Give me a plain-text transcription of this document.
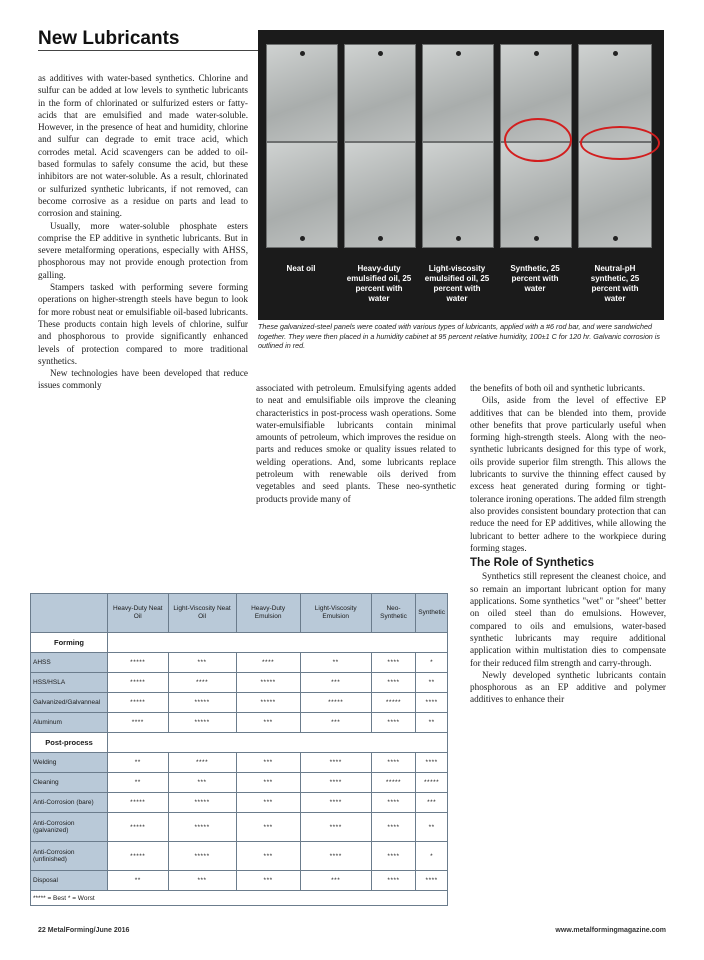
New Lubricants
Neat oil	Heavy-duty emulsified oil, 25 percent with water
Light-viscosity emulsified oil, 25 percent with water
Synthetic, 25 percent with water
Neutral-pH synthetic, 25 percent with water
These galvanized-steel panels were coated with various types of lubricants, applied with a #6 rod bar, and were sandwiched together. They were then placed in a humidity cabinet at 95 percent relative humidity, 100±1 C for 120 hr. Galvanic corrosion is outlined in red.

as additives with water-based synthetics. Chlorine and sulfur can be added at low levels to synthetic lubricants in the form of chlorinated or sulfurized esters or fatty-acids that are emulsified and made water-soluble. However, in the presence of heat and humidity, chlorine and sulfur can degrade to emit trace acid, which corrodes metal. Acid scavengers can be added to oil-based formulas to safely consume the acid, but these inhibitors are not water-soluble. As a result, chlorinated or sulfurized synthetic lubricants, if not removed, can become corrosive as a residue on parts and lead to corrosion and staining.

Usually, more water-soluble phosphate esters comprise the EP additive in synthetic lubricants. But in severe metalforming operations, especially with AHSS, phosphorous may not provide enough protection from galling.

Stampers tasked with performing severe forming operations on higher-strength steels have begun to look for more robust neat or emulsifiable oil-based lubricants. These products contain high levels of chlorine, sulfur and phosphorous to provide significantly enhanced levels of protection compared to more traditional synthetics.

New technologies have been developed that reduce issues commonly	associated with petroleum. Emulsifying agents added to neat and emulsifiable oils improve the cleaning characteristics in post-process wash operations. Some water-emulsifiable lubricants contain minimal amounts of petroleum, which improves the residue on parts and reduces smoke or quality issues related to welding operations. And, some lubricants replace petroleum with renewable oils derived from vegetables and seed plants. These neo-synthetic products provide many of

the benefits of both oil and synthetic lubricants.

Oils, aside from the level of effective EP additives that can be blended into them, provide other benefits that prove particularly useful when forming high-strength steels. Along with the neo-synthetic lubricants designed for this type of work, oils provide superior film strength. This allows the lubricants to survive the thinning effect caused by excess heat generated during forming or tight-tolerance ironing operations. The added film strength also provides consistent boundary protection that can reduce the need for EP additives, while allowing the lubricant to better adhere to the workpiece during forming stages.

The Role of Synthetics

Synthetics still represent the cleanest choice, and so remain an important lubricant option for many applications. Some synthetics "wet" or "sheet" better on oiled steel than do emulsions. However, compared to oils and emulsions, water-based synthetic lubricants may require additional application within multistation dies to compensate for their reduced film strength and carry-through.

Newly developed synthetic lubricants contain phosphorous as an EP additive and polymer additives to enhance their

	Heavy-Duty Neat Oil	Light-Viscosity Neat Oil	Heavy-Duty Emulsion	Light-Viscosity Emulsion	Neo-Synthetic	Synthetic
Forming						
AHSS	*****	***	****	**	****	*
HSS/HSLA	*****	****	*****	***	****	**
Galvanized/Galvanneal	*****	*****	*****	*****	*****	****
Aluminum	****	*****	***	***	****	**
Post-process						
Welding	**	****	***	****	****	****
Cleaning	**	***	***	****	*****	*****
Anti-Corrosion (bare)	*****	*****	***	****	****	***
Anti-Corrosion (galvanized)	*****	*****	***	****	****	**
Anti-Corrosion (unfinished)	*****	*****	***	****	****	*
Disposal	**	***	***	***	****	****
***** = Best * = Worst						
22 MetalForming/June 2016	www.metalformingmagazine.com
